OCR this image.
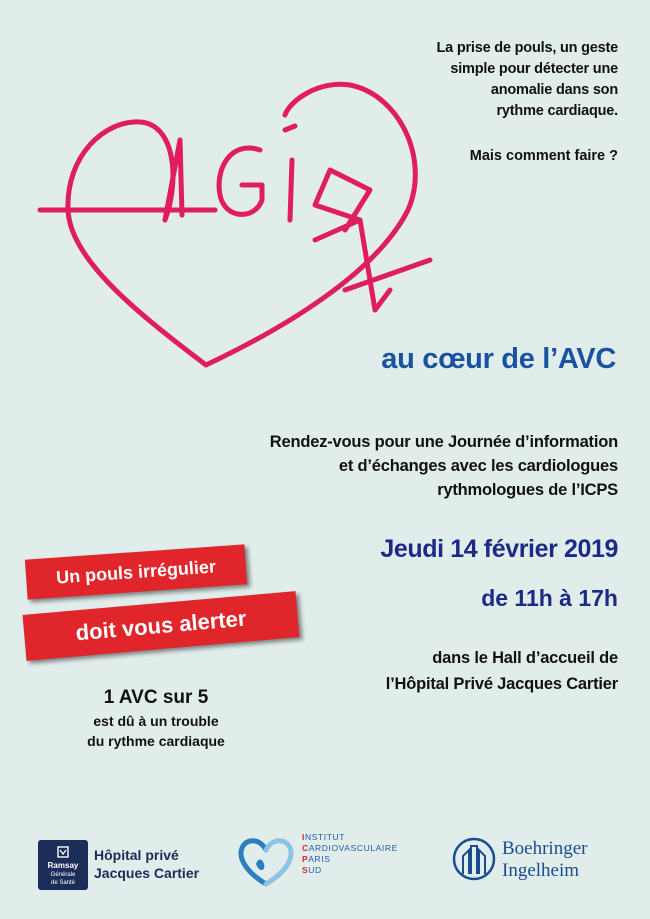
La prise de pouls, un geste
simple pour détecter une
anomalie dans son
rythme cardiaque.
Mais comment faire ?
au cœur de l’AVC
Rendez-vous pour une Journée d’information
et d’échanges avec les cardiologues
rythmologues de l’ICPS
Jeudi 14 février 2019
de 11h à 17h
dans le Hall d’accueil de
l’Hôpital Privé Jacques Cartier
Un pouls irrégulier
doit vous alerter
1 AVC sur 5
est dû à un trouble
du rythme cardiaque
Ramsay
Générale
de Santé
Hôpital privé
Jacques Cartier
INSTITUT
CARDIOVASCULAIRE
PARIS
SUD
Boehringer
Ingelheim
